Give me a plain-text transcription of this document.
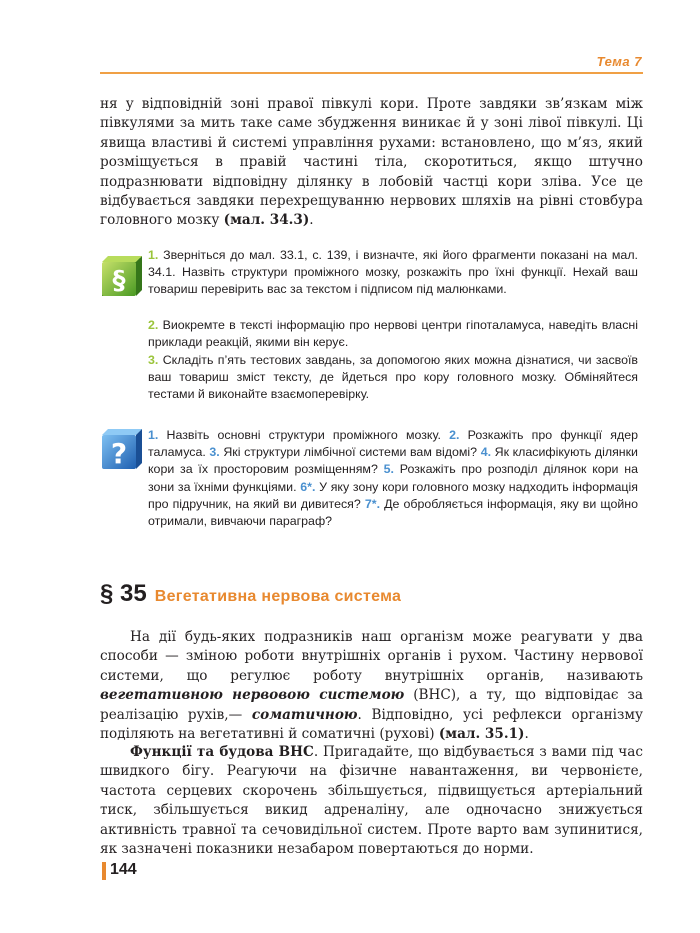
Тема 7

ня у відповідній зоні правої півкулі кори. Проте завдяки зв’язкам між півкулями за мить таке саме збудження виникає й у зоні лівої півкулі. Ці явища властиві й системі управління рухами: встановлено, що м’яз, який розміщується в правій частині тіла, скоротиться, якщо штучно подразнювати відповідну ділянку в лобовій частці кори зліва. Усе це відбувається завдяки перехрещуванню нервових шляхів на рівні стовбура головного мозку (мал. 34.3).

§

1. Зверніться до мал. 33.1, с. 139, і визначте, які його фрагменти показані на мал. 34.1. Назвіть структури проміжного мозку, розкажіть про їхні функції. Нехай ваш товариш перевірить вас за текстом і підписом під малюнками.

2. Виокремте в тексті інформацію про нервові центри гіпоталамуса, наведіть власні приклади реакцій, якими він керує.

3. Складіть п’ять тестових завдань, за допомогою яких можна дізнатися, чи засвоїв ваш товариш зміст тексту, де йдеться про кору головного мозку. Обміняйтеся тестами й виконайте взаємоперевірку.

?

1. Назвіть основні структури проміжного мозку. 2. Розкажіть про функції ядер таламуса. 3. Які структури лімбічної системи вам відомі? 4. Як класифікують ділянки кори за їх просторовим розміщенням? 5. Розкажіть про розподіл ділянок кори на зони за їхніми функціями. 6*. У яку зону кори головного мозку надходить інформація про підручник, на який ви дивитеся? 7*. Де обробляється інформація, яку ви щойно отримали, вивчаючи параграф?

§ 35 Вегетативна нервова система

На дії будь-яких подразників наш організм може реагувати у два способи — зміною роботи внутрішніх органів і рухом. Частину нервової системи, що регулює роботу внутрішніх органів, називають вегетативною нервовою системою (ВНС), а ту, що відповідає за реалізацію рухів,— соматичною. Відповідно, усі рефлекси організму поділяють на вегетативні й соматичні (рухові) (мал. 35.1).

Функції та будова ВНС. Пригадайте, що відбувається з вами під час швидкого бігу. Реагуючи на фізичне навантаження, ви червонієте, частота серцевих скорочень збільшується, підвищується артеріальний тиск, збільшується викид адреналіну, але одночасно знижується активність травної та сечовидільної систем. Проте варто вам зупинитися, як зазначені показники незабаром повертаються до норми.

144
